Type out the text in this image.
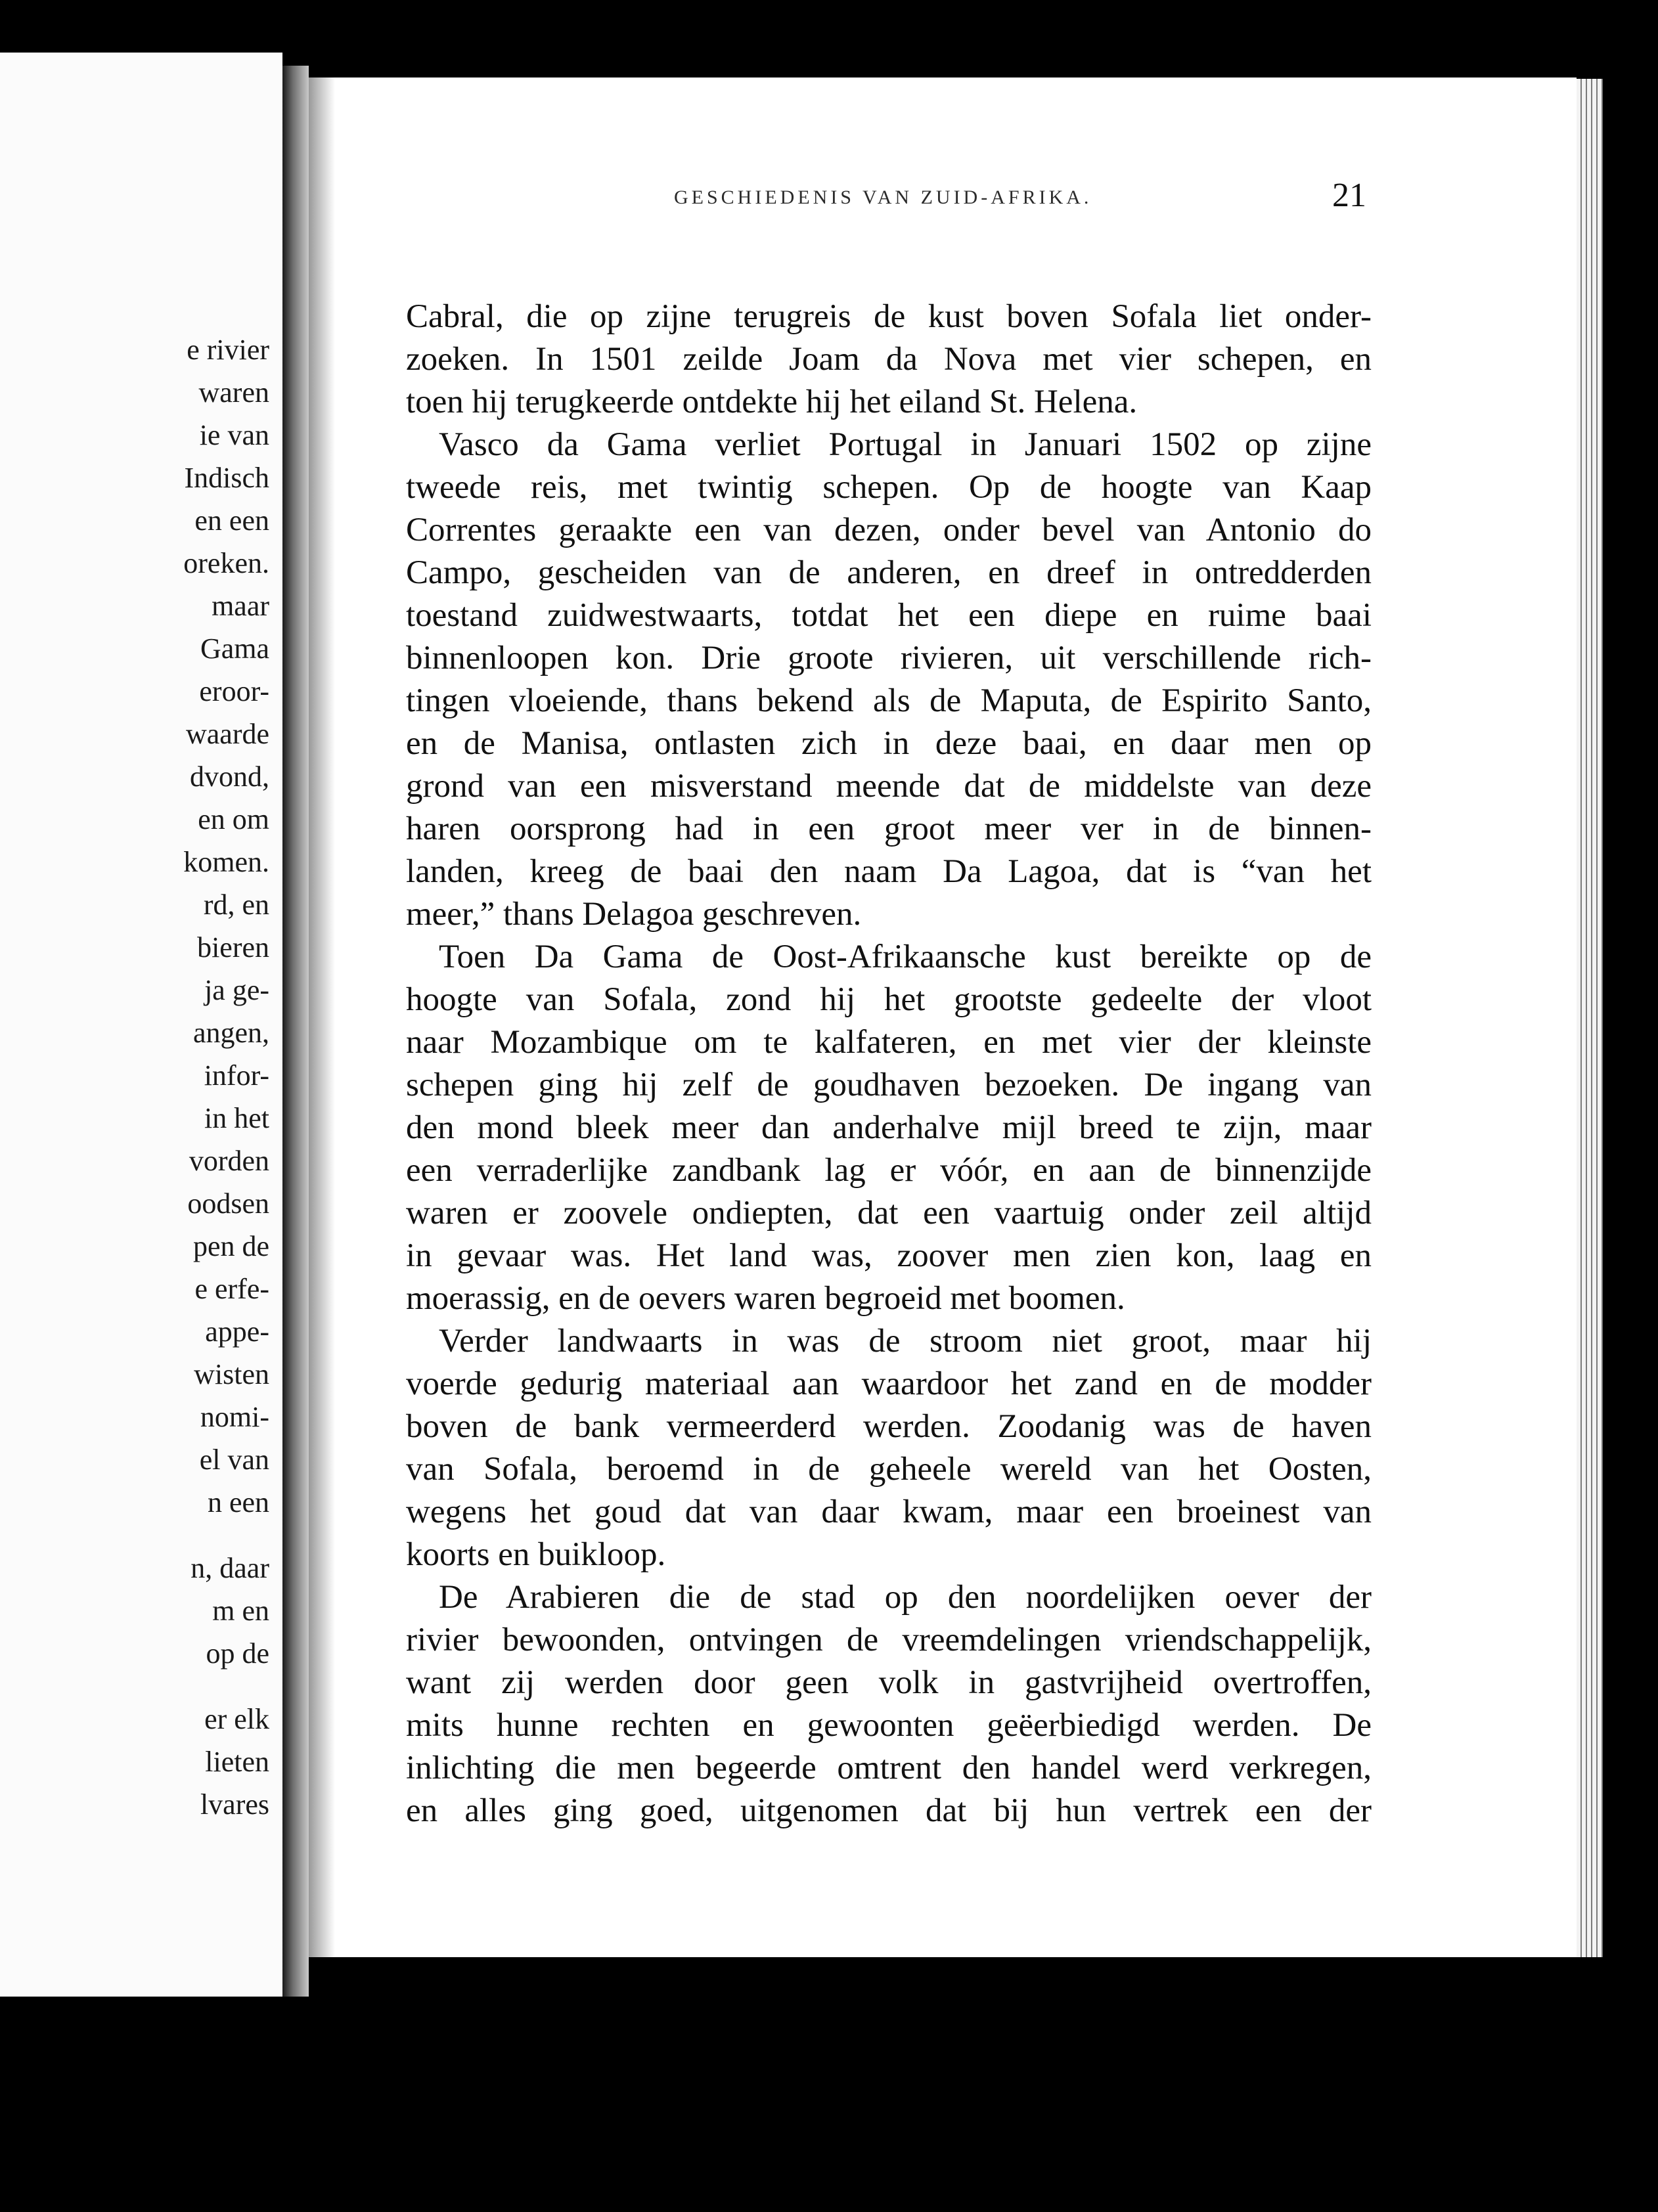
e rivier
waren
ie van
Indisch
en een
oreken.
maar
Gama
eroor-
waarde
dvond,
en om
komen.
rd, en
bieren
ja ge-
angen,
infor-
in het
vorden
oodsen
pen de
e erfe-
appe-
wisten
nomi-
el van
n een
n, daar
m en
op de
er elk
lieten
lvares
GESCHIEDENIS VAN ZUID-AFRIKA.	21
Cabral, die op zijne terugreis de kust boven Sofala liet onder-
zoeken. In 1501 zeilde Joam da Nova met vier schepen, en
toen hij terugkeerde ontdekte hij het eiland St. Helena.
Vasco da Gama verliet Portugal in Januari 1502 op zijne
tweede reis, met twintig schepen. Op de hoogte van Kaap
Correntes geraakte een van dezen, onder bevel van Antonio do
Campo, gescheiden van de anderen, en dreef in ontredderden
toestand zuidwestwaarts, totdat het een diepe en ruime baai
binnenloopen kon. Drie groote rivieren, uit verschillende rich-
tingen vloeiende, thans bekend als de Maputa, de Espirito Santo,
en de Manisa, ontlasten zich in deze baai, en daar men op
grond van een misverstand meende dat de middelste van deze
haren oorsprong had in een groot meer ver in de binnen-
landen, kreeg de baai den naam Da Lagoa, dat is “van het
meer,” thans Delagoa geschreven.
Toen Da Gama de Oost-Afrikaansche kust bereikte op de
hoogte van Sofala, zond hij het grootste gedeelte der vloot
naar Mozambique om te kalfateren, en met vier der kleinste
schepen ging hij zelf de goudhaven bezoeken. De ingang van
den mond bleek meer dan anderhalve mijl breed te zijn, maar
een verraderlijke zandbank lag er vóór, en aan de binnenzijde
waren er zoovele ondiepten, dat een vaartuig onder zeil altijd
in gevaar was. Het land was, zoover men zien kon, laag en
moerassig, en de oevers waren begroeid met boomen.
Verder landwaarts in was de stroom niet groot, maar hij
voerde gedurig materiaal aan waardoor het zand en de modder
boven de bank vermeerderd werden. Zoodanig was de haven
van Sofala, beroemd in de geheele wereld van het Oosten,
wegens het goud dat van daar kwam, maar een broeinest van
koorts en buikloop.
De Arabieren die de stad op den noordelijken oever der
rivier bewoonden, ontvingen de vreemdelingen vriendschappelijk,
want zij werden door geen volk in gastvrijheid overtroffen,
mits hunne rechten en gewoonten geëerbiedigd werden. De
inlichting die men begeerde omtrent den handel werd verkregen,
en alles ging goed, uitgenomen dat bij hun vertrek een der
